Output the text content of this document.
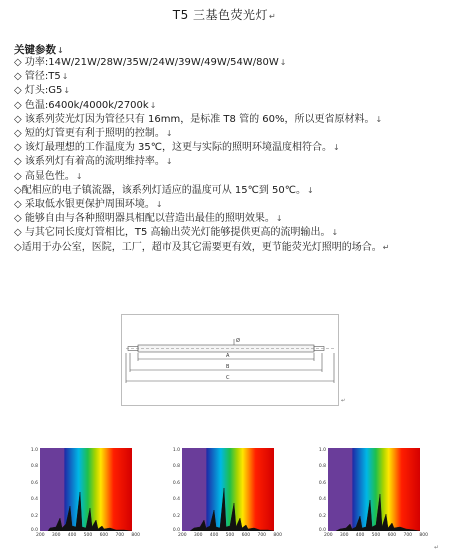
T5 三基色荧光灯↵
关键参数↓
◇ 功率:14W/21W/28W/35W/24W/39W/49W/54W/80W↓
◇ 管径:T5↓
◇ 灯头:G5↓
◇ 色温:6400k/4000k/2700k↓
◇ 该系列荧光灯因为管径只有 16mm，是标准 T8 管的 60%，所以更省原材料。↓
◇ 短的灯管更有利于照明的控制。↓
◇ 该灯最理想的工作温度为 35℃，这更与实际的照明环境温度相符合。↓
◇ 该系列灯有着高的流明维持率。↓
◇ 高显色性。↓
◇配相应的电子镇流器，该系列灯适应的温度可从 15℃到 50℃。↓
◇ 采取低水银更保护周围环境。↓
◇ 能够自由与各种照明器具相配以营造出最佳的照明效果。↓
◇ 与其它同长度灯管相比，T5 高输出荧光灯能够提供更高的流明输出。↓
◇适用于办公室，医院，工厂，超市及其它需要更有效，更节能荧光灯照明的场合。↵
A
B
C
Ø
↵
1.0
0.8
0.6
0.4
0.2
0.0
200 300 400 500 600 700 800
1.0
0.8
0.6
0.4
0.2
0.0
200 300 400 500 600 700 800
1.0
0.8
0.6
0.4
0.2
0.0
200 300 400 500 600 700 800
↵
